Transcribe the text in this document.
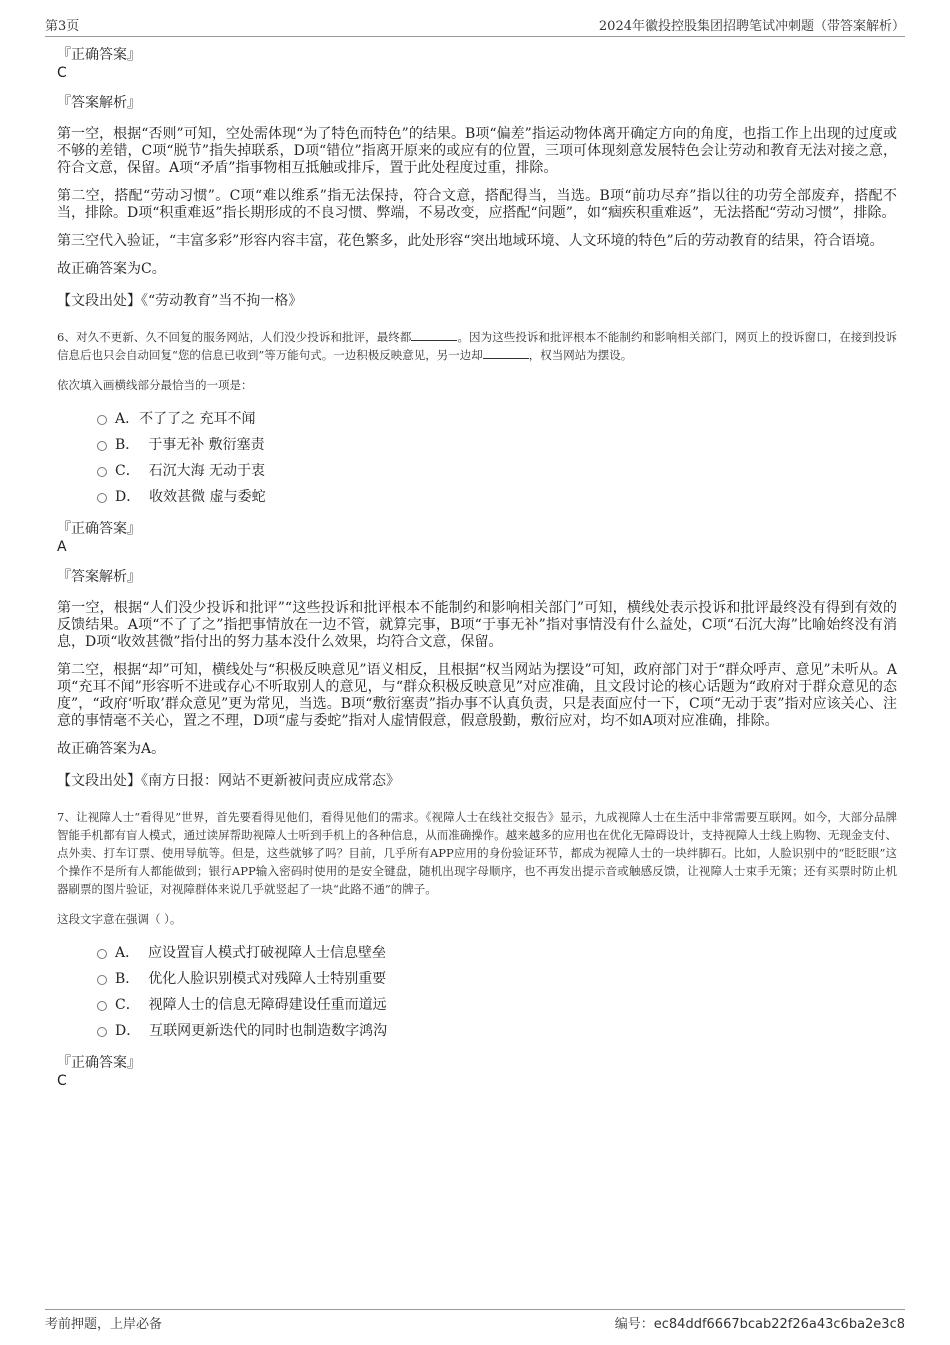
第3页	2024年徽投控股集团招聘笔试冲刺题（带答案解析）
『正确答案』
C
『答案解析』

第一空，根据“否则”可知，空处需体现“为了特色而特色”的结果。B项“偏差”指运动物体离开确定方向的角度，也指工作上出现的过度或不够的差错，C项“脱节”指失掉联系，D项“错位”指离开原来的或应有的位置，三项可体现刻意发展特色会让劳动和教育无法对接之意，符合文意，保留。A项“矛盾”指事物相互抵触或排斥，置于此处程度过重，排除。

第二空，搭配“劳动习惯”。C项“难以维系”指无法保持，符合文意，搭配得当，当选。B项“前功尽弃”指以往的功劳全部废弃，搭配不当，排除。D项“积重难返”指长期形成的不良习惯、弊端，不易改变，应搭配“问题”，如“痼疾积重难返”，无法搭配“劳动习惯”，排除。

第三空代入验证，“丰富多彩”形容内容丰富，花色繁多，此处形容“突出地域环境、人文环境的特色”后的劳动教育的结果，符合语境。

故正确答案为C。

【文段出处】《“劳动教育”当不拘一格》

6、对久不更新、久不回复的服务网站，人们没少投诉和批评，最终都	。因为这些投诉和批评根本不能制约和影响相关部门，网页上的投诉窗口，在接到投诉信息后也只会自动回复“您的信息已收到”等万能句式。一边积极反映意见，另一边却	，权当网站为摆设。

依次填入画横线部分最恰当的一项是：

A．不了了之 充耳不闻
B．  于事无补 敷衍塞责
C．  石沉大海 无动于衷
D．  收效甚微 虚与委蛇
『正确答案』
A
『答案解析』

第一空，根据“人们没少投诉和批评”“这些投诉和批评根本不能制约和影响相关部门”可知，横线处表示投诉和批评最终没有得到有效的反馈结果。A项“不了了之”指把事情放在一边不管，就算完事，B项“于事无补”指对事情没有什么益处，C项“石沉大海”比喻始终没有消息，D项“收效甚微”指付出的努力基本没什么效果，均符合文意，保留。

第二空，根据“却”可知，横线处与“积极反映意见”语义相反，且根据“权当网站为摆设”可知，政府部门对于“群众呼声、意见”未听从。A项“充耳不闻”形容听不进或存心不听取别人的意见，与“群众积极反映意见”对应准确，且文段讨论的核心话题为“政府对于群众意见的态度”，“政府‘听取’群众意见”更为常见，当选。B项“敷衍塞责”指办事不认真负责，只是表面应付一下，C项“无动于衷”指对应该关心、注意的事情毫不关心，置之不理，D项“虚与委蛇”指对人虚情假意，假意殷勤，敷衍应对，均不如A项对应准确，排除。

故正确答案为A。

【文段出处】《南方日报：网站不更新被问责应成常态》

7、让视障人士“看得见”世界，首先要看得见他们，看得见他们的需求。《视障人士在线社交报告》显示，九成视障人士在生活中非常需要互联网。如今，大部分品牌智能手机都有盲人模式，通过读屏帮助视障人士听到手机上的各种信息，从而准确操作。越来越多的应用也在优化无障碍设计，支持视障人士线上购物、无现金支付、点外卖、打车订票、使用导航等。但是，这些就够了吗？目前，几乎所有APP应用的身份验证环节，都成为视障人士的一块绊脚石。比如，人脸识别中的“眨眨眼”这个操作不是所有人都能做到；银行APP输入密码时使用的是安全键盘，随机出现字母顺序，也不再发出提示音或触感反馈，让视障人士束手无策；还有买票时防止机器刷票的图片验证，对视障群体来说几乎就竖起了一块“此路不通”的牌子。

这段文字意在强调（ ）。

A．  应设置盲人模式打破视障人士信息壁垒
B．  优化人脸识别模式对残障人士特别重要
C．  视障人士的信息无障碍建设任重而道远
D．  互联网更新迭代的同时也制造数字鸿沟
『正确答案』
C
考前押题，上岸必备	编号：ec84ddf6667bcab22f26a43c6ba2e3c8
